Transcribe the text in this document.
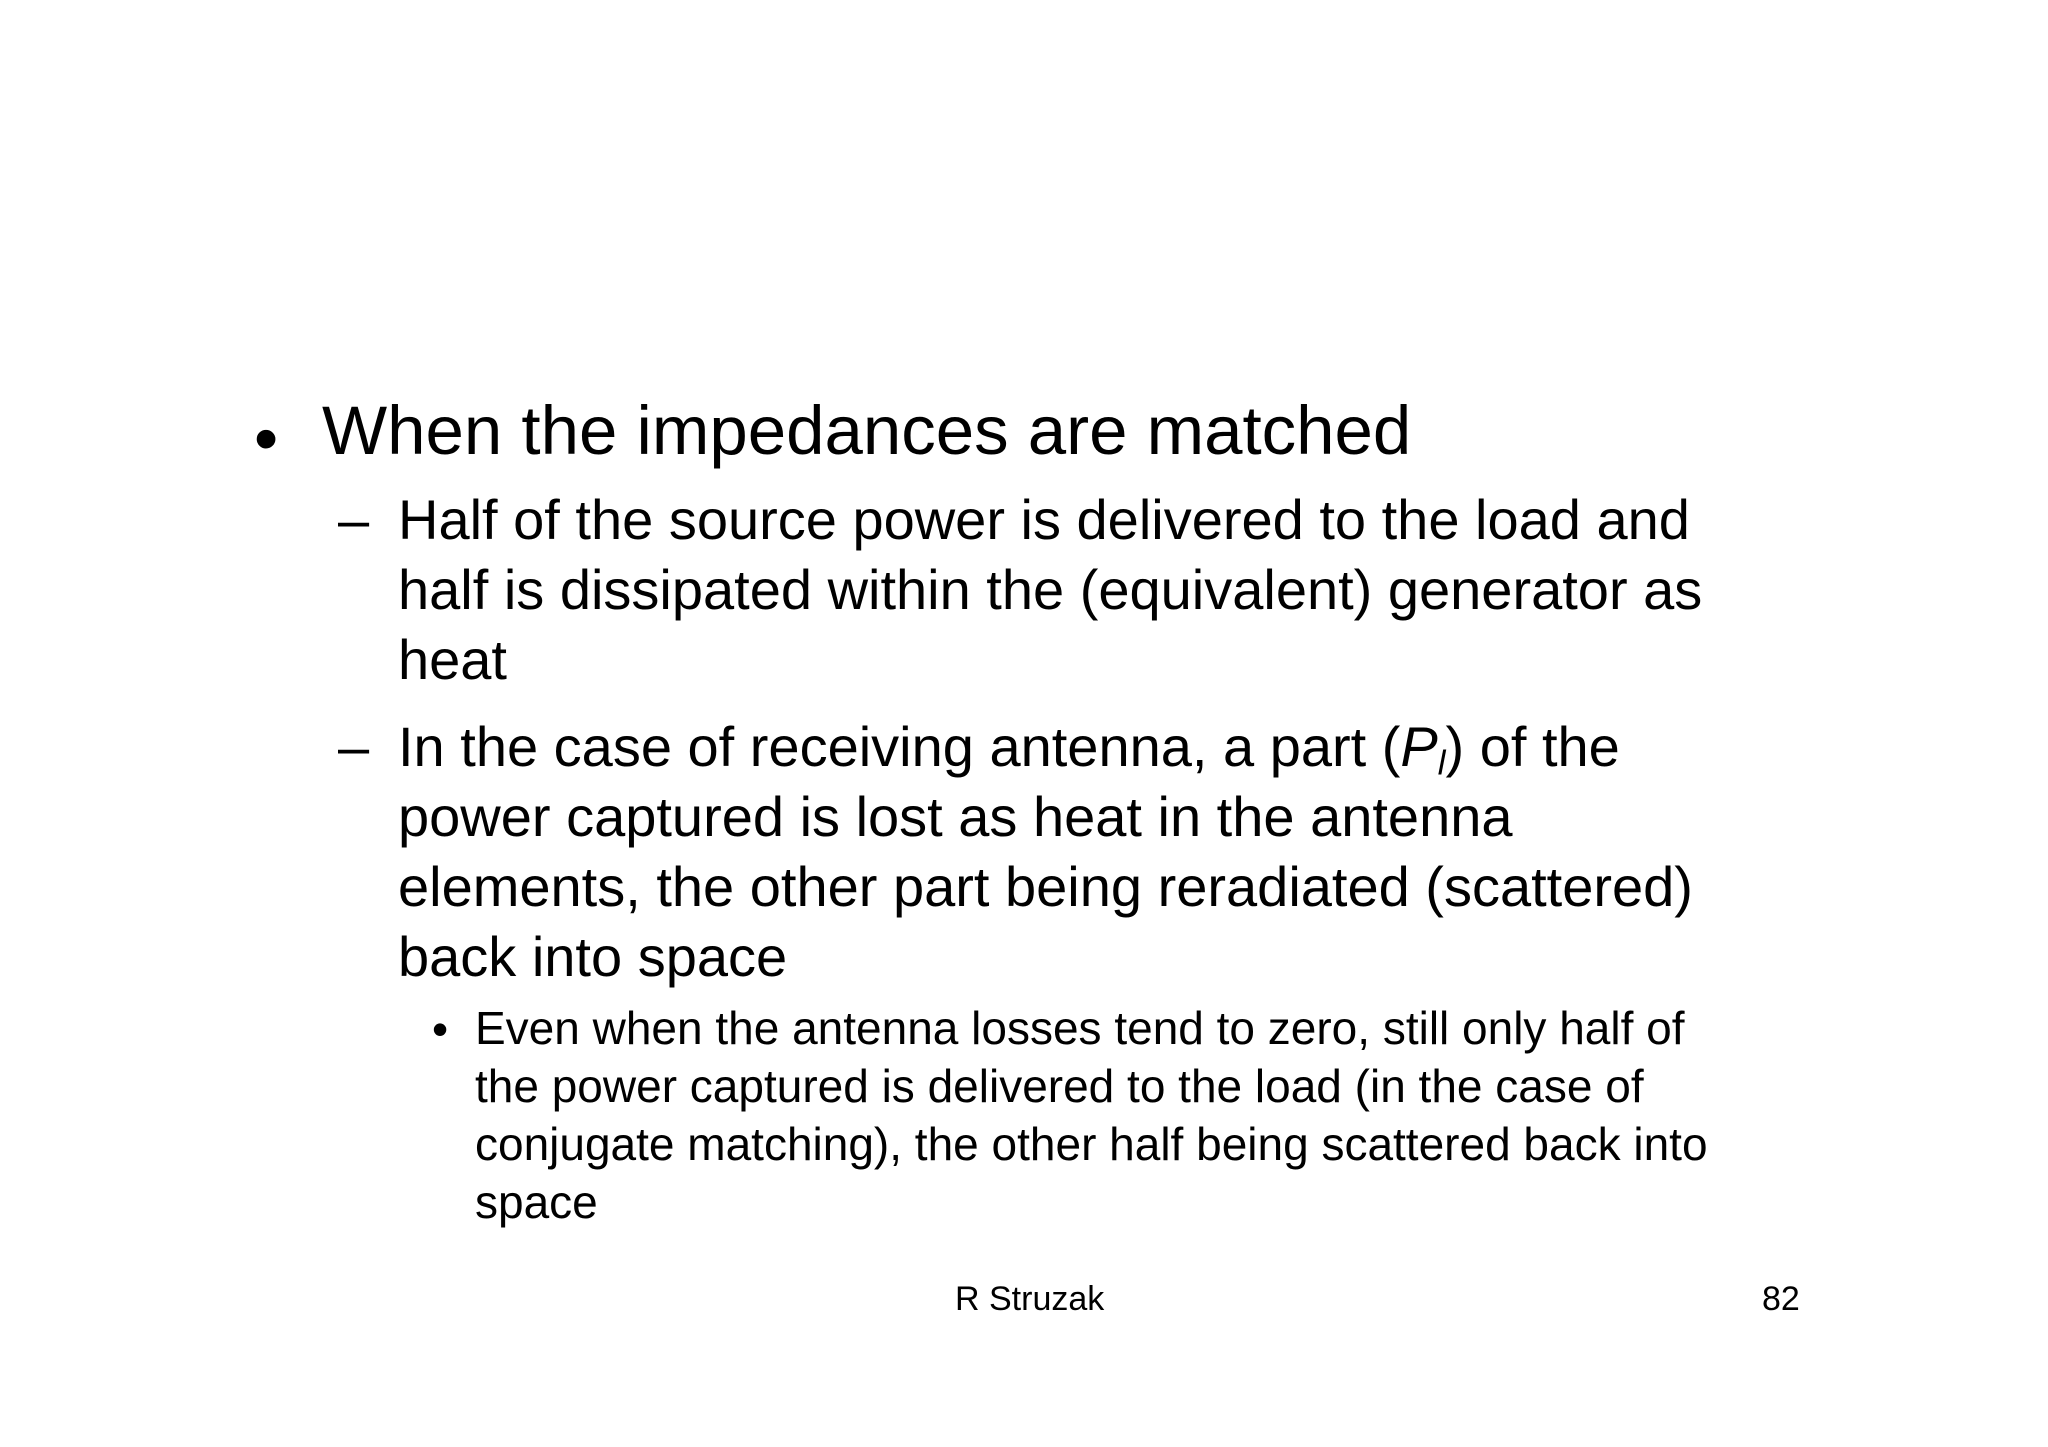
• When the impedances are matched
– Half of the source power is delivered to the load and
half is dissipated within the (equivalent) generator as
heat
– In the case of receiving antenna, a part $(P_l)$ of the
power captured is lost as heat in the antenna
elements, the other part being reradiated (scattered)
back into space
• Even when the antenna losses tend to zero, still only half of
the power captured is delivered to the load (in the case of
conjugate matching), the other half being scattered back into
space
R Struzak	82
